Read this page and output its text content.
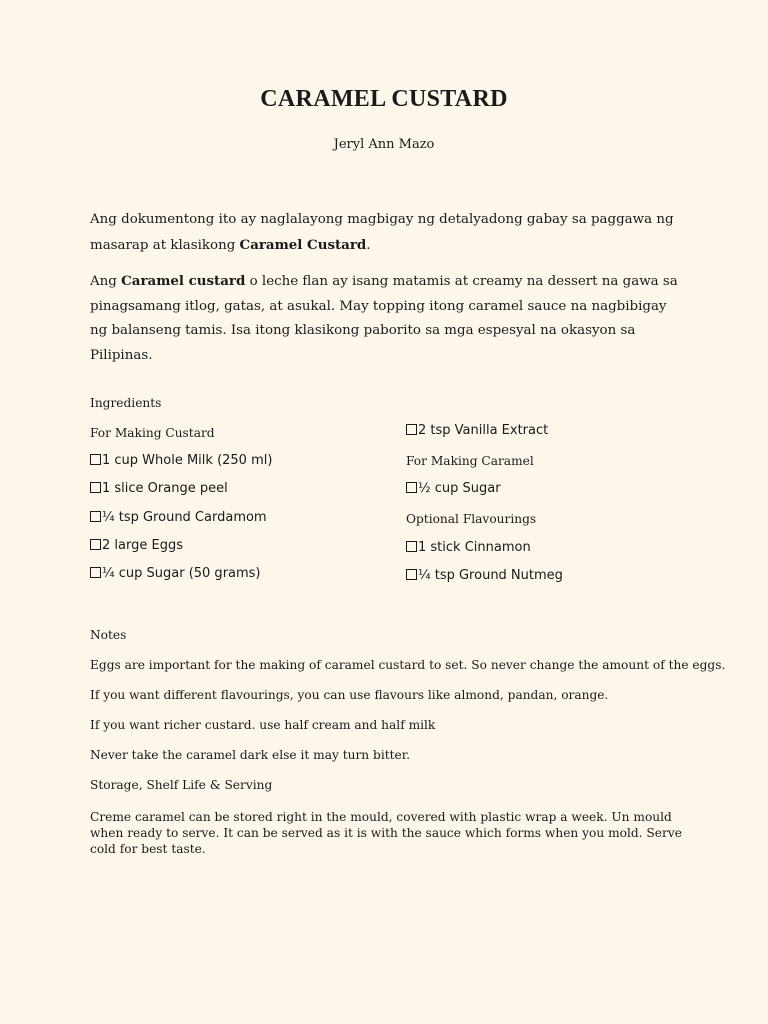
CARAMEL CUSTARD
Jeryl Ann Mazo
Ang dokumentong ito ay naglalayong magbigay ng detalyadong gabay sa paggawa ng masarap at klasikong Caramel Custard.
Ang Caramel custard o leche flan ay isang matamis at creamy na dessert na gawa sa pinagsamang itlog, gatas, at asukal. May topping itong caramel sauce na nagbibigay ng balanseng tamis. Isa itong klasikong paborito sa mga espesyal na okasyon sa Pilipinas.
Ingredients
For Making Custard
1 cup Whole Milk (250 ml)
1 slice Orange peel
¼ tsp Ground Cardamom
2 large Eggs
¼ cup Sugar (50 grams)
2 tsp Vanilla Extract
For Making Caramel
½ cup Sugar
Optional Flavourings
1 stick Cinnamon
¼ tsp Ground Nutmeg
Notes
Eggs are important for the making of caramel custard to set. So never change the amount of the eggs.
If you want different flavourings, you can use flavours like almond, pandan, orange.
If you want richer custard. use half cream and half milk
Never take the caramel dark else it may turn bitter.
Storage, Shelf Life & Serving
Creme caramel can be stored right in the mould, covered with plastic wrap a week. Un mould when ready to serve. It can be served as it is with the sauce which forms when you mold. Serve cold for best taste.
